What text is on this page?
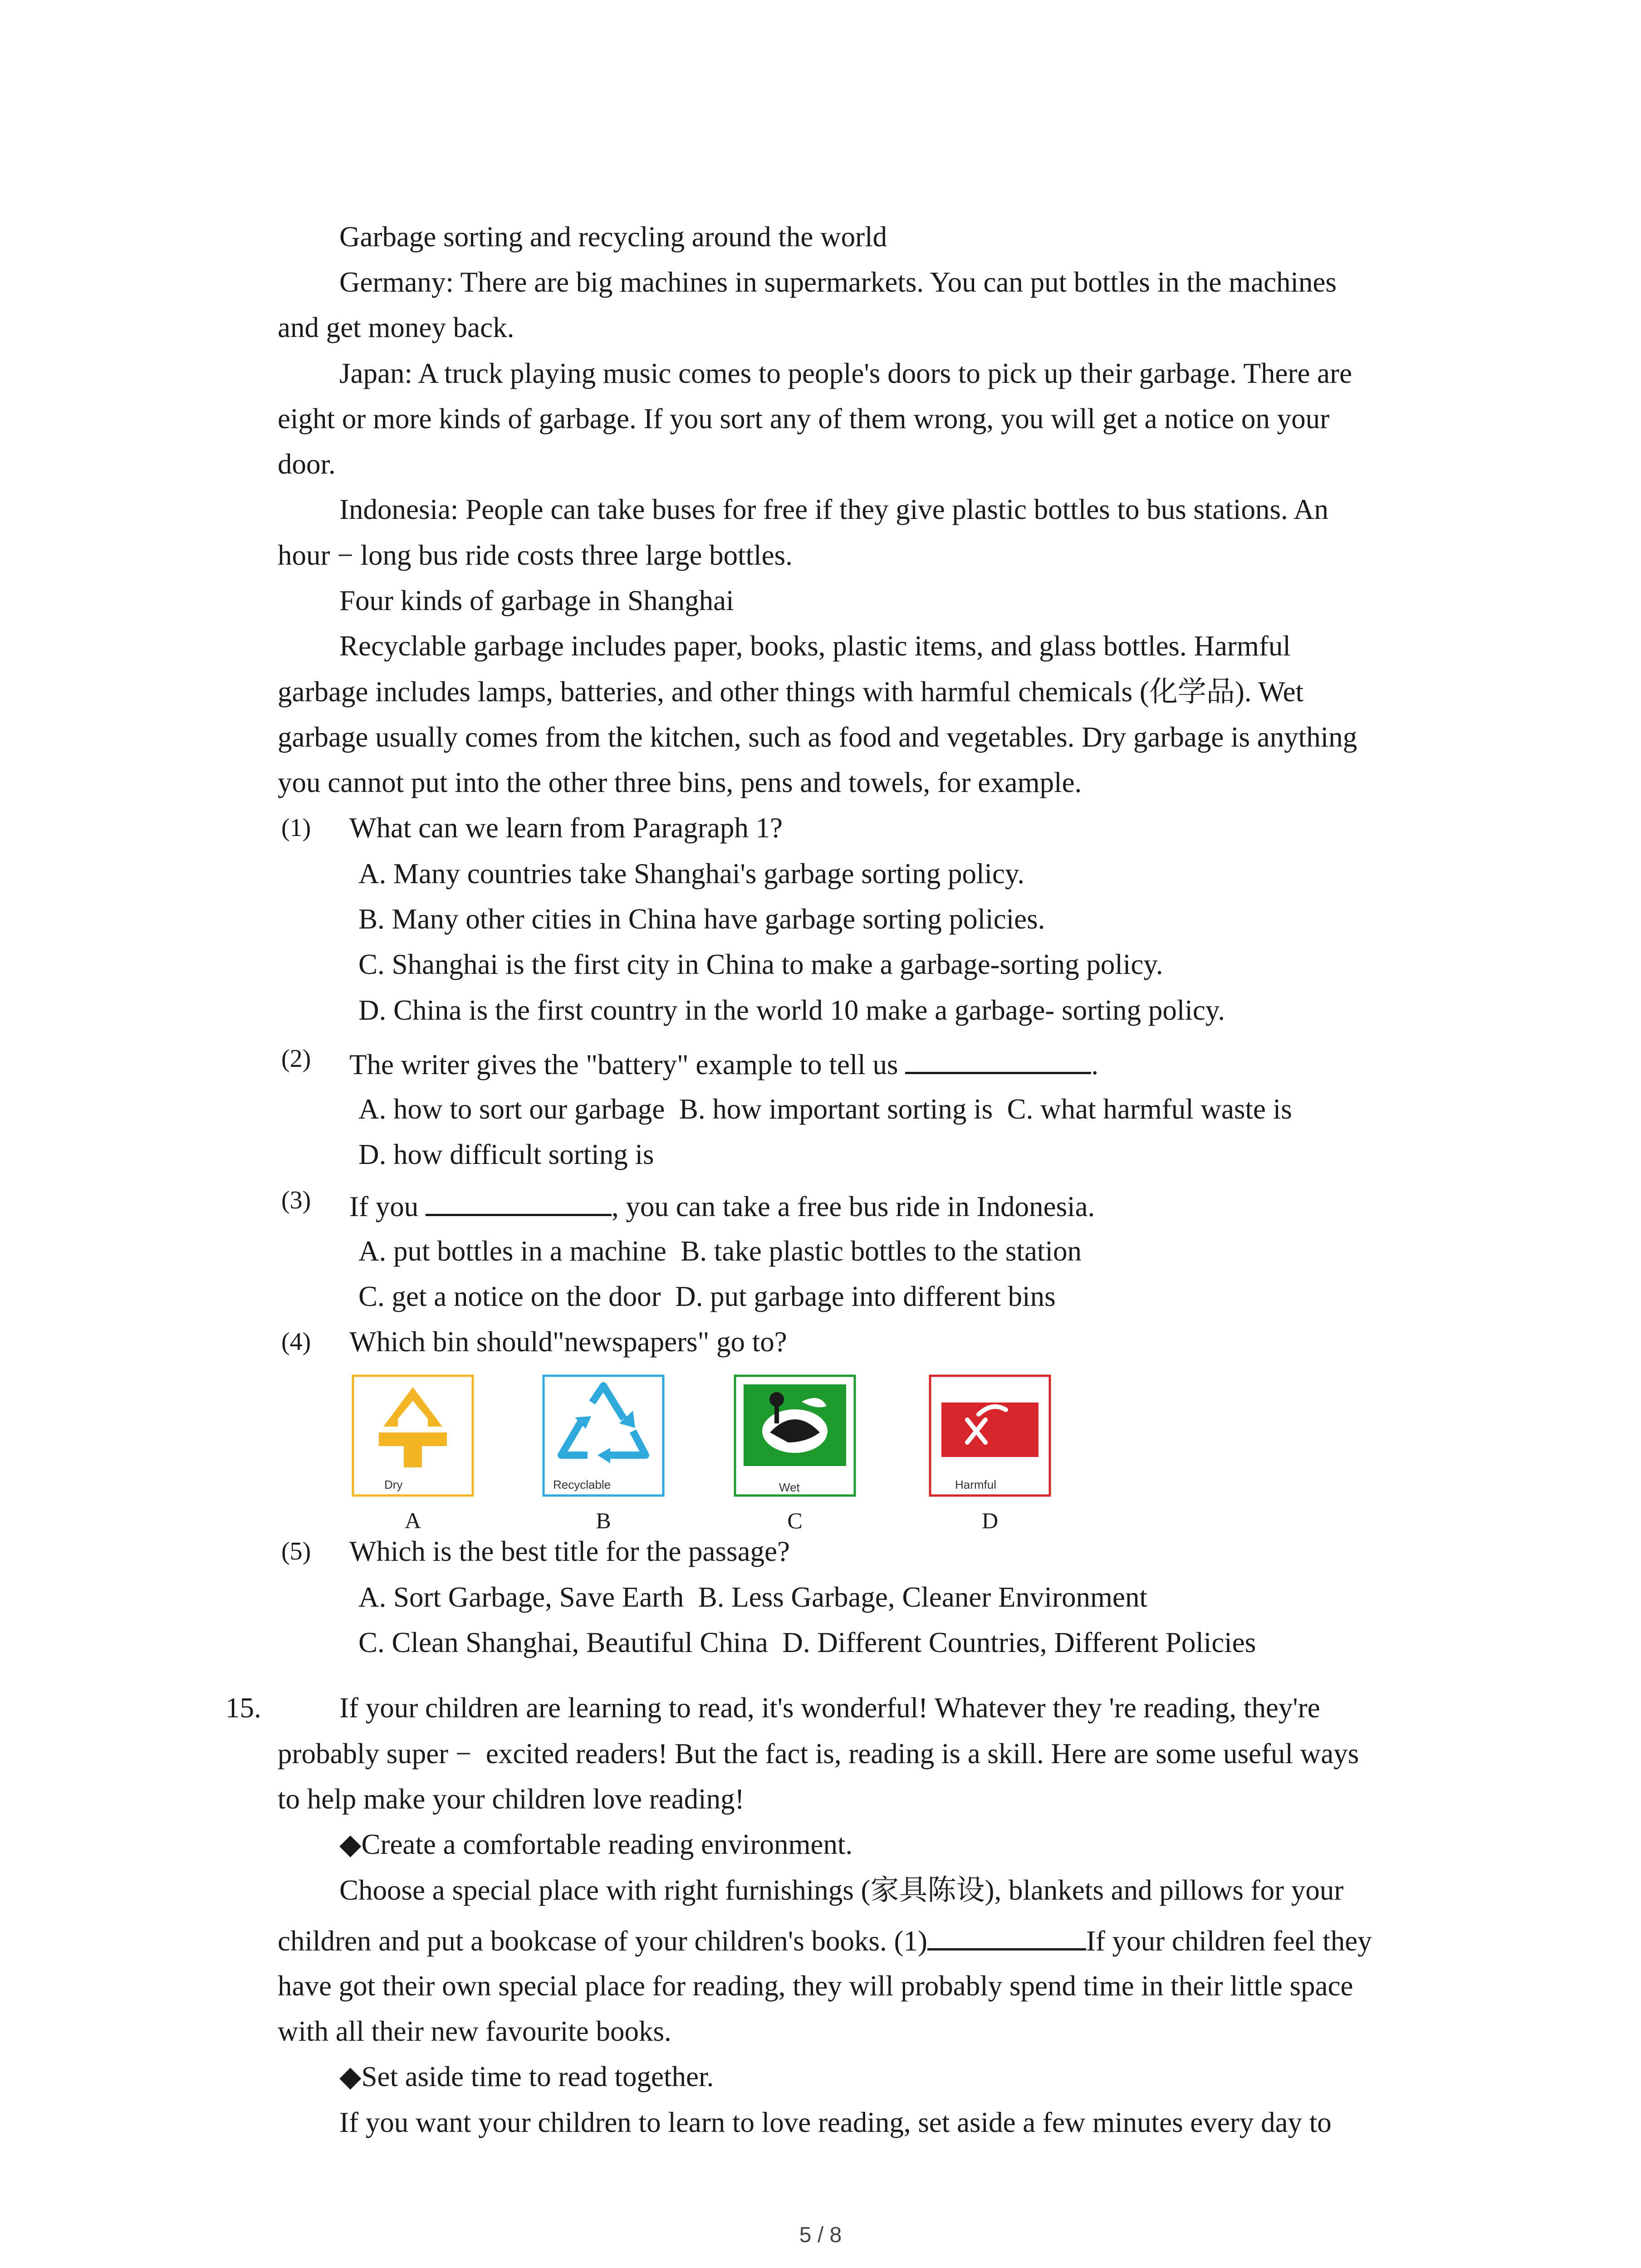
Garbage sorting and recycling around the world
Germany: There are big machines in supermarkets. You can put bottles in the machines
and get money back.
Japan: A truck playing music comes to people's doors to pick up their garbage. There are
eight or more kinds of garbage. If you sort any of them wrong, you will get a notice on your
door.
Indonesia: People can take buses for free if they give plastic bottles to bus stations. An
hour − long bus ride costs three large bottles.
Four kinds of garbage in Shanghai
Recyclable garbage includes paper, books, plastic items, and glass bottles. Harmful
garbage includes lamps, batteries, and other things with harmful chemicals (化学品). Wet
garbage usually comes from the kitchen, such as food and vegetables. Dry garbage is anything
you cannot put into the other three bins, pens and towels, for example.
(1) What can we learn from Paragraph 1?
A. Many countries take Shanghai's garbage sorting policy.
B. Many other cities in China have garbage sorting policies.
C. Shanghai is the first city in China to make a garbage-sorting policy.
D. China is the first country in the world 10 make a garbage- sorting policy.
(2) The writer gives the "battery" example to tell us	.
A. how to sort our garbage  B. how important sorting is  C. what harmful waste is
D. how difficult sorting is
(3) If you	, you can take a free bus ride in Indonesia.
A. put bottles in a machine  B. take plastic bottles to the station
C. get a notice on the door  D. put garbage into different bins
(4) Which bin should"newspapers" go to?
Dry
A
Recyclable
B
Wet
C
Harmful
D
(5) Which is the best title for the passage?
A. Sort Garbage, Save Earth  B. Less Garbage, Cleaner Environment
C. Clean Shanghai, Beautiful China  D. Different Countries, Different Policies
15.	If your children are learning to read, it's wonderful! Whatever they 're reading, they're
probably super −  excited readers! But the fact is, reading is a skill. Here are some useful ways
to help make your children love reading!
◆Create a comfortable reading environment.
Choose a special place with right furnishings (家具陈设), blankets and pillows for your
children and put a bookcase of your children's books. (1)	If your children feel they
have got their own special place for reading, they will probably spend time in their little space
with all their new favourite books.
◆Set aside time to read together.
If you want your children to learn to love reading, set aside a few minutes every day to
5 / 8
